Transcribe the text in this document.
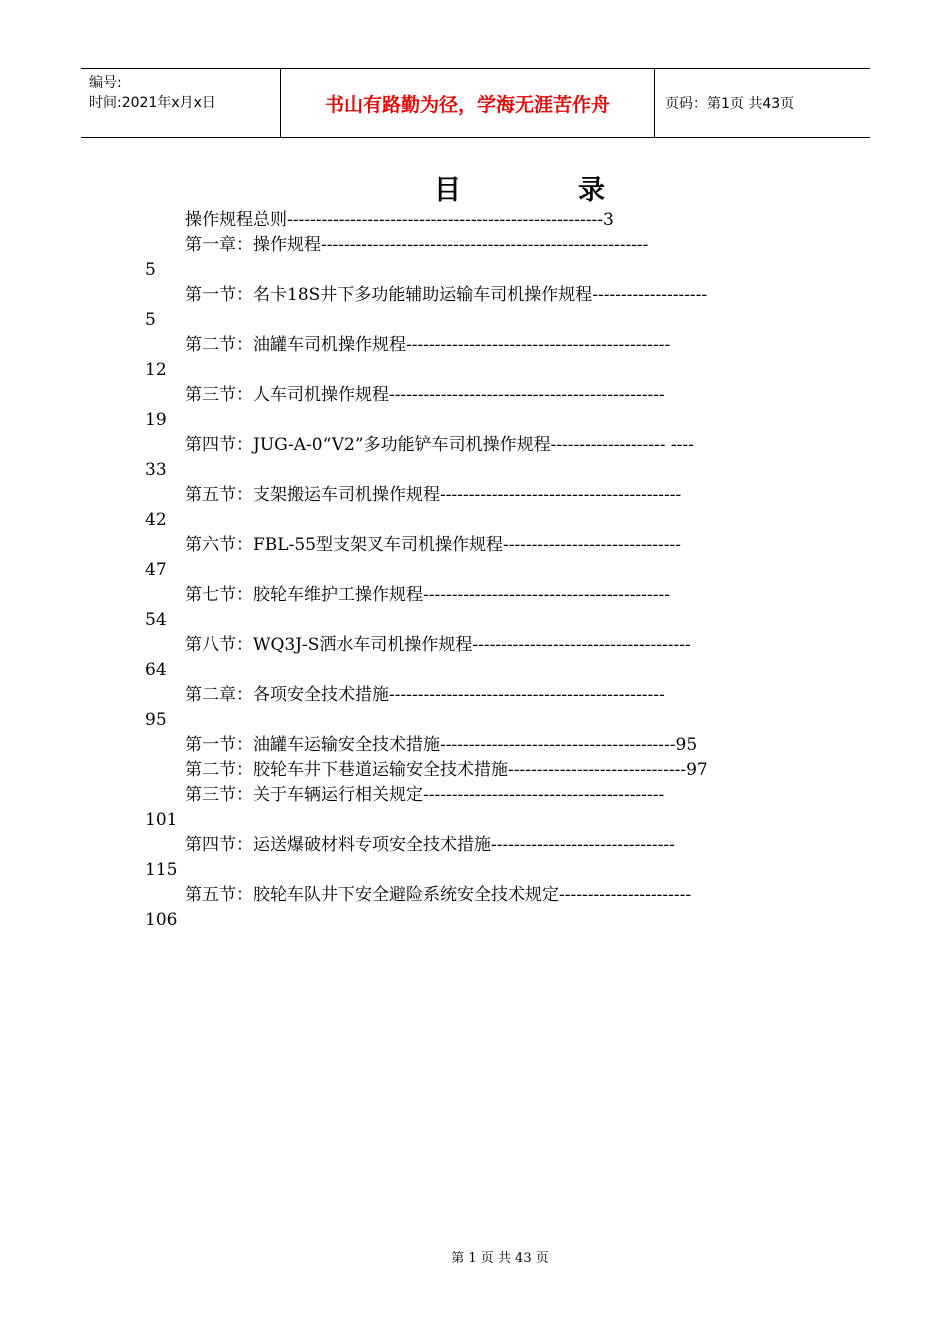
编号:
时间:2021年x月x日	书山有路勤为径，学海无涯苦作舟	页码：第1页 共43页
目	录
操作规程总则-------------------------------------------------------3
第一章：操作规程---------------------------------------------------------
5
第一节：名卡18S井下多功能辅助运输车司机操作规程--------------------
5
第二节：油罐车司机操作规程----------------------------------------------
12
第三节：人车司机操作规程------------------------------------------------
19
第四节：JUG-A-0“V2”多功能铲车司机操作规程-------------------- ----
33
第五节：支架搬运车司机操作规程------------------------------------------
42
第六节：FBL-55型支架叉车司机操作规程-------------------------------
47
第七节：胶轮车维护工操作规程-------------------------------------------
54
第八节：WQ3J-S洒水车司机操作规程--------------------------------------
64
第二章：各项安全技术措施------------------------------------------------
95
第一节：油罐车运输安全技术措施-----------------------------------------95
第二节：胶轮车井下巷道运输安全技术措施-------------------------------97
第三节：关于车辆运行相关规定------------------------------------------
101
第四节：运送爆破材料专项安全技术措施--------------------------------
115
第五节：胶轮车队井下安全避险系统安全技术规定-----------------------
106
第 1 页 共 43 页
